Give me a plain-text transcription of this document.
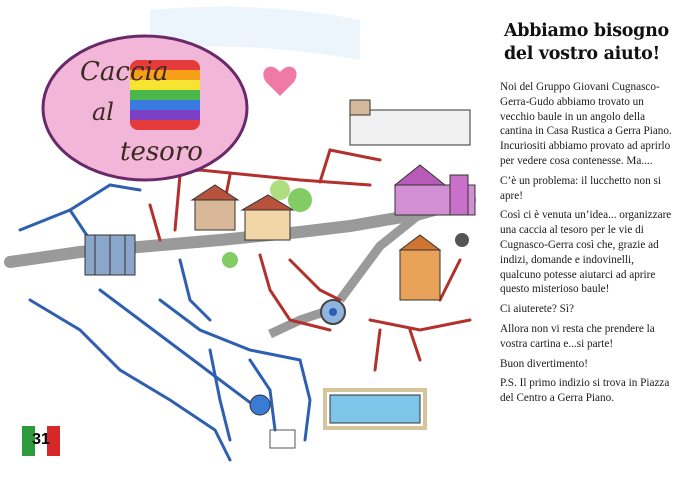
Caccia
al
tesoro
31
Abbiamo bisogno
del vostro aiuto!

Noi del Gruppo Giovani Cugnasco-Gerra-Gudo abbiamo trovato un vecchio baule in un angolo della cantina in Casa Rustica a Gerra Piano. Incuriositi abbiamo provato ad aprirlo per vedere cosa contenesse. Ma....

C’è un problema: il lucchetto non si apre!

Così ci è venuta un’idea... organizzare una caccia al tesoro per le vie di Cugnasco-Gerra così che, grazie ad indizi, domande e indovinelli, qualcuno potesse aiutarci ad aprire questo misterioso baule!

Ci aiuterete? Sì?

Allora non vi resta che prendere la vostra cartina e...si parte!

Buon divertimento!

P.S. Il primo indizio si trova in Piazza del Centro a Gerra Piano.
